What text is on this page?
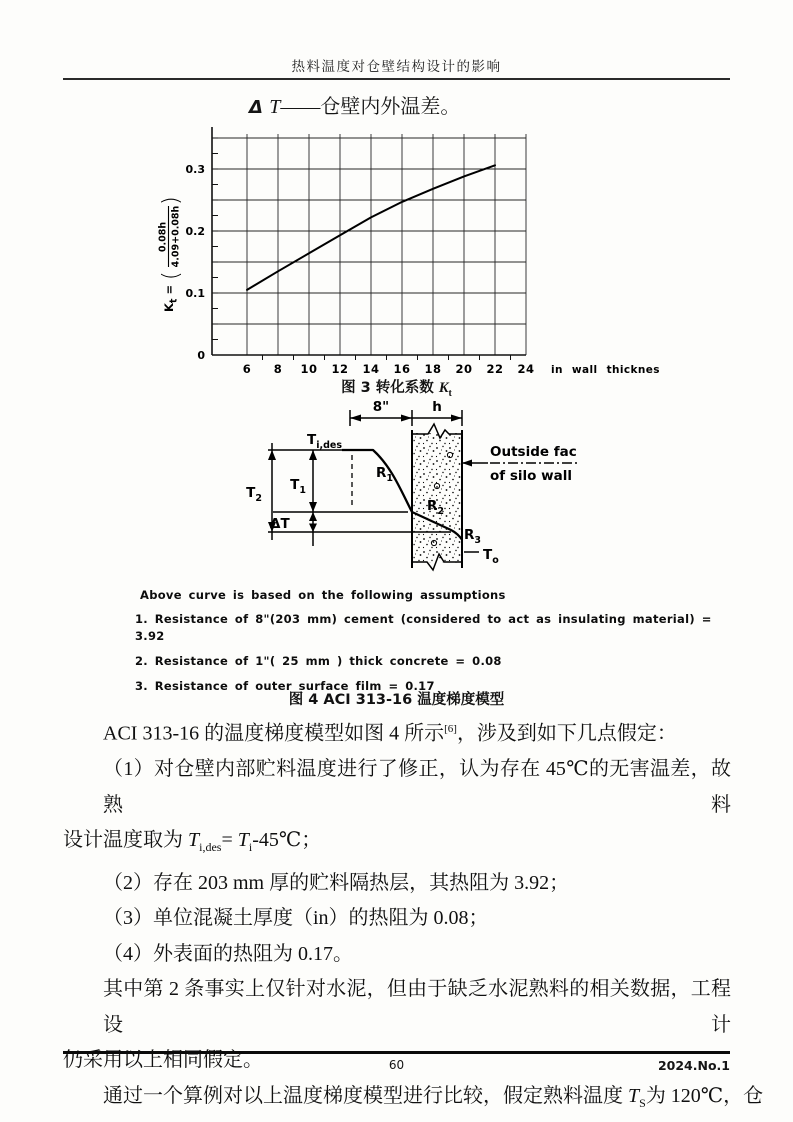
热料温度对仓壁结构设计的影响
Δ T——仓壁内外温差。
0
0.1
0.2
0.3
6 8 10 12 14 16 18 20 22 24 in wall thicknes
$K_t$ =
(
0.08h 4.09+0.08h
)
图 3 转化系数 $K_t$
8"	h
$T_2$
$T_1$
ΔT
$T_{i,des}$
$R_1$
$R_2$
$R_3$
$T_o$
Outside fac
of silo wall
Above curve is based on the following assumptions
1. Resistance of 8"(203 mm) cement (considered to act as insulating material) = 3.92
2. Resistance of 1"( 25 mm ) thick concrete = 0.08
3. Resistance of outer surface film = 0.17
图 4 ACI 313-16 温度梯度模型
ACI 313-16 的温度梯度模型如图 4 所示[6]，涉及到如下几点假定：
（1）对仓壁内部贮料温度进行了修正，认为存在 45℃的无害温差，故熟料
设计温度取为 $T_{i,des}=$ $T_i-45℃$；
（2）存在 203 mm 厚的贮料隔热层，其热阻为 3.92；
（3）单位混凝土厚度（in）的热阻为 0.08；
（4）外表面的热阻为 0.17。
其中第 2 条事实上仅针对水泥，但由于缺乏水泥熟料的相关数据，工程设计
仍采用以上相同假定。
通过一个算例对以上温度梯度模型进行比较，假定熟料温度 $T_S$为 120℃，仓
60	2024.No.1
